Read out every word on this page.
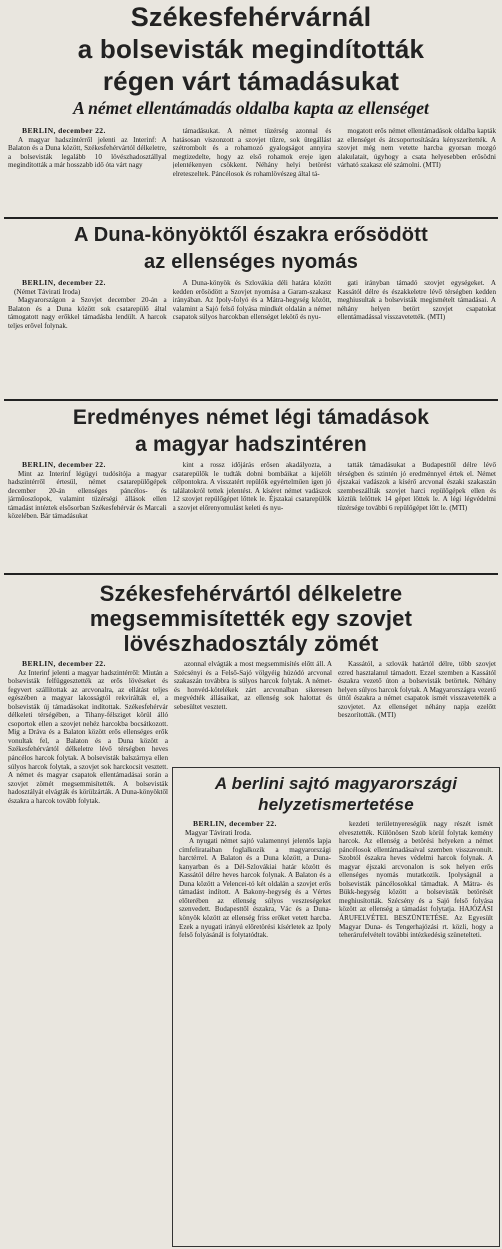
Székesfehérvárnál
a bolsevisták megindították
régen várt támadásukat

A német ellentámadás oldalba kapta az ellenséget

BERLIN, december 22.

A magyar hadszíntérről jelenti az Interinf: A Balaton és a Duna között, Székesfehérvártól délkeletre, a bolsevisták legalább 10 lövészhadosztállyal megindították a már hosszabb idő óta várt nagy

támadásukat. A német tüzérség azonnal és hatásosan viszonzott a szovjet tűzre, sok ütegállást szétrombolt és a rohamozó gyalogságot annyira megtizedelte, hogy az első rohamok ereje igen jelentékenyen csökkent. Néhány helyi betörést elreteszeltek. Páncélosok és rohamlövészeg által tá-

mogatott erős német ellentámadások oldalba kapták az ellenséget és átcsoportosítására kényszerítették. A szovjet még nem vetette harcba gyorsan mozgó alakulatait, úgyhogy a csata helyesebben erősödni várható szakasz elé számolni. (MTI)

A Duna-könyöktől északra erősödött
az ellenséges nyomás

BERLIN, december 22.

(Német Távirati Iroda)

Magyarországon a Szovjet december 20-án a Balaton és a Duna között sok csatarepülő által támogatott nagy erőkkel támadásba lendült. A harcok teljes erővel folynak.

A Duna-könyök és Szlovákia déli határa között kedden erősödött a Szovjet nyomása a Garam-szakasz irányában. Az Ipoly-folyó és a Mátra-hegység között, valamint a Sajó felső folyása mindkét oldalán a német csapatok súlyos harcokban ellenséget lekötő és nyu-

gati irányban támadó szovjet egységeket. A Kassától délre és északkeletre lévő térségben kedden meghiusultak a bolsevisták megismételt támadásai. A néhány helyen betört szovjet csapatokat ellentámadással visszavetették. (MTI)

Eredményes német légi támadások
a magyar hadszintéren

BERLIN, december 22.

Mint az Interinf légügyi tudósítója a magyar hadszíntérről értesül, német csatarepülőgépek december 20-án ellenséges páncélos- és járműoszlopok, valamint tüzérségi állások ellen támadást intéztek elsősorban Székesfehérvár és Marcali közelében. Bár támadásukat

kint a rossz időjárás erősen akadályozta, a csatarepülők le tudták dobni bombáikat a kijelölt célpontokra. A visszatért repülők egyértelműen igen jó találatokról tettek jelentést. A kíséret német vadászok 12 szovjet repülőgépet lőttek le. Éjszakai csatarepülők a szovjet előrenyomulást keleti és nyu-

tatták támadásukat a Budapesttől délre lévő térségben és szintén jó eredménnyel értek el. Német éjszakai vadászok a kísérő arcvonal északi szakaszán szembeszállták szovjet harci repülőgépek ellen és köztük lelőttek 14 gépet lőttek le. A légi légvédelmi tüzérsége további 6 repülőgépet lőtt le. (MTI)

Székesfehérvártól délkeletre
megsemmisítették egy szovjet
lövészhadosztály zömét

BERLIN, december 22.

Az Interinf jelenti a magyar hadszintérről: Miután a bolsevisták felfüggesztették az erős lövéseket és fegyvert szállítottak az arcvonalra, az ellátást teljes egészében a magyar lakosságtól rekvirálták el, a bolsevisták új támadásokat indítottak. Székesfehérvár délkeleti térségében, a Tihany-félsziget körül álló csoportok ellen a szovjet nehéz harcokba bocsátkozott. Mig a Dráva és a Balaton között erős ellenséges erők vonultak fel, a Balaton és a Duna között a Székesfehérvártól délkeletre lévő térségben heves páncélos harcok folytak. A bolsevisták balszárnya ellen súlyos harcok folytak, a szovjet sok harckocsit vesztett. A német és magyar csapatok ellentámadásai során a szovjet zömét megsemmisítették. A bolsevisták hadosztályát elvágták és körülzárták. A Duna-könyöktől északra a harcok tovább folytak.

azonnal elvágták a most megsemmisítés előtt áll. A Szécsényi és a Felső-Sajó völgyéig húzódó arcvonal szakaszán továbbra is súlyos harcok folytak. A német- és honvéd-kötelékek zárt arcvonalban sikeresen megvédték állásaikat, az ellenség sok halottat és sebesültet vesztett.

Kassától, a szlovák határtól délre, több szovjet ezred hasztalanul támadott. Ezzel szemben a Kassától északra vezető úton a bolsevisták betörtek. Néhány helyen súlyos harcok folytak. A Magyarországra vezető úttól északra a német csapatok ismét visszavetették a szovjetet. Az ellenséget néhány napja ezelőtt beszorították. (MTI)

A berlini sajtó magyarországi
helyzetismertetése

BERLIN, december 22.

Magyar Távirati Iroda.

A nyugati német sajtó valamennyi jelentős lapja címfelirataiban foglalkozik a magyarországi harctérrel. A Balaton és a Duna között, a Duna-kanyarban és a Dél-Szlovákiai határ között és Kassától délre heves harcok folynak. A Balaton és a Duna között a Velencei-tó két oldalán a szovjet erős támadást indított. A Bakony-hegység és a Vértes előterében az ellenség súlyos veszteségeket szenvedett. Budapesttől északra, Vác és a Duna-könyök között az ellenség friss erőket vetett harcba. Ezek a nyugati irányú előretörési kísérletek az Ipoly felső folyásánál is folytatódtak.

kezdeti területnyereségük nagy részét ismét elvesztették. Különösen Szob körül folytak kemény harcok. Az ellenség a betörési helyeken a német páncélosok ellentámadásaival szemben visszavonult. Szobtól északra heves védelmi harcok folynak. A magyar éjszaki arcvonalon is sok helyen erős ellenséges nyomás mutatkozik. Ipolyságnál a bolsevisták páncélosokkal támadtak. A Mátra- és Bükk-hegység között a bolsevisták betörését meghiusították. Szécsény és a Sajó felső folyása között az ellenség a támadást folytatja. HAJÓZÁSI ÁRUFELVÉTEL BESZÜNTETÉSE. Az Egyesült Magyar Duna- és Tengerhajózási rt. közli, hogy a teherárufelvételt további intézkedésig szünetelteti.
